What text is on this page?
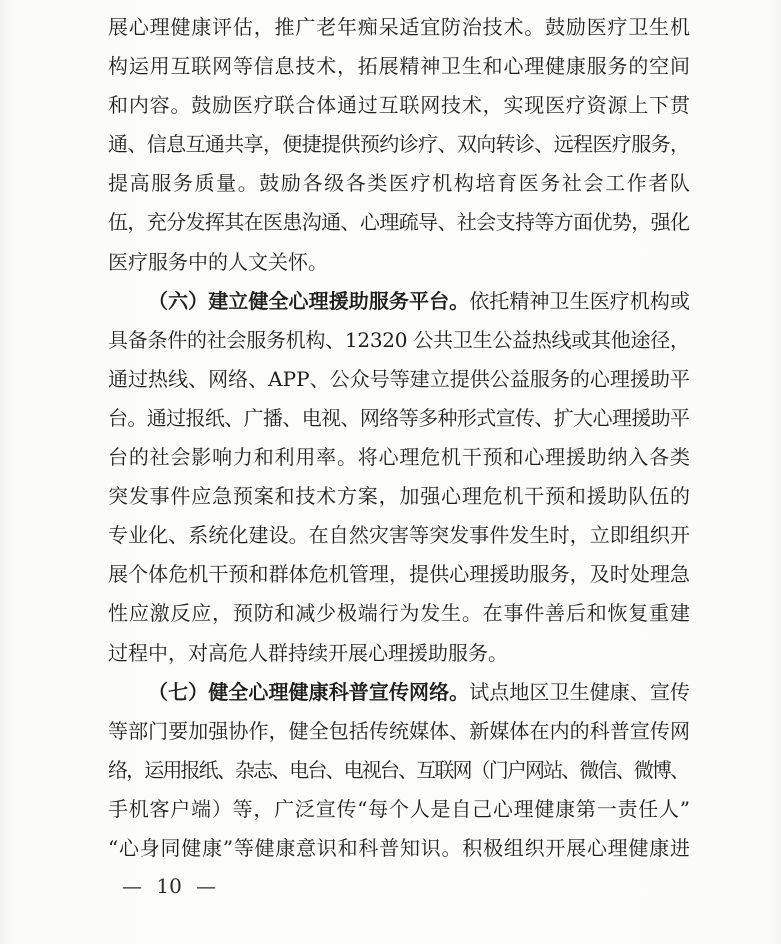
展心理健康评估，推广老年痴呆适宜防治技术。鼓励医疗卫生机
构运用互联网等信息技术，拓展精神卫生和心理健康服务的空间
和内容。鼓励医疗联合体通过互联网技术，实现医疗资源上下贯
通、信息互通共享，便捷提供预约诊疗、双向转诊、远程医疗服务，
提高服务质量。鼓励各级各类医疗机构培育医务社会工作者队
伍，充分发挥其在医患沟通、心理疏导、社会支持等方面优势，强化
医疗服务中的人文关怀。
（六）建立健全心理援助服务平台。依托精神卫生医疗机构或
具备条件的社会服务机构、12320 公共卫生公益热线或其他途径，
通过热线、网络、APP、公众号等建立提供公益服务的心理援助平
台。通过报纸、广播、电视、网络等多种形式宣传、扩大心理援助平
台的社会影响力和利用率。将心理危机干预和心理援助纳入各类
突发事件应急预案和技术方案，加强心理危机干预和援助队伍的
专业化、系统化建设。在自然灾害等突发事件发生时，立即组织开
展个体危机干预和群体危机管理，提供心理援助服务，及时处理急
性应激反应，预防和减少极端行为发生。在事件善后和恢复重建
过程中，对高危人群持续开展心理援助服务。
（七）健全心理健康科普宣传网络。试点地区卫生健康、宣传
等部门要加强协作，健全包括传统媒体、新媒体在内的科普宣传网
络，运用报纸、杂志、电台、电视台、互联网（门户网站、微信、微博、
手机客户端）等，广泛宣传“每个人是自己心理健康第一责任人”
“心身同健康”等健康意识和科普知识。积极组织开展心理健康进
— 10 —
